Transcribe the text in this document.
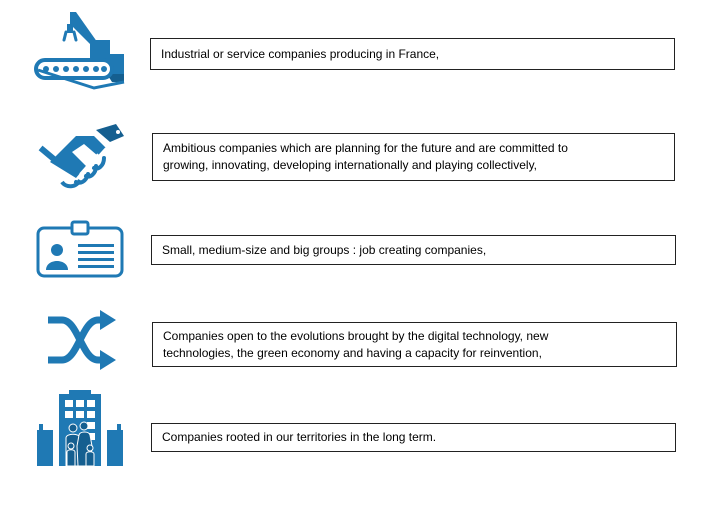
Industrial or service companies producing in France,
Ambitious companies which are planning for the future and are committed to
growing, innovating, developing internationally and playing collectively,
Small, medium-size and big groups : job creating companies,
Companies open to the evolutions brought by the digital technology, new
technologies, the green economy and having a capacity for reinvention,
Companies rooted in our territories in the long term.
